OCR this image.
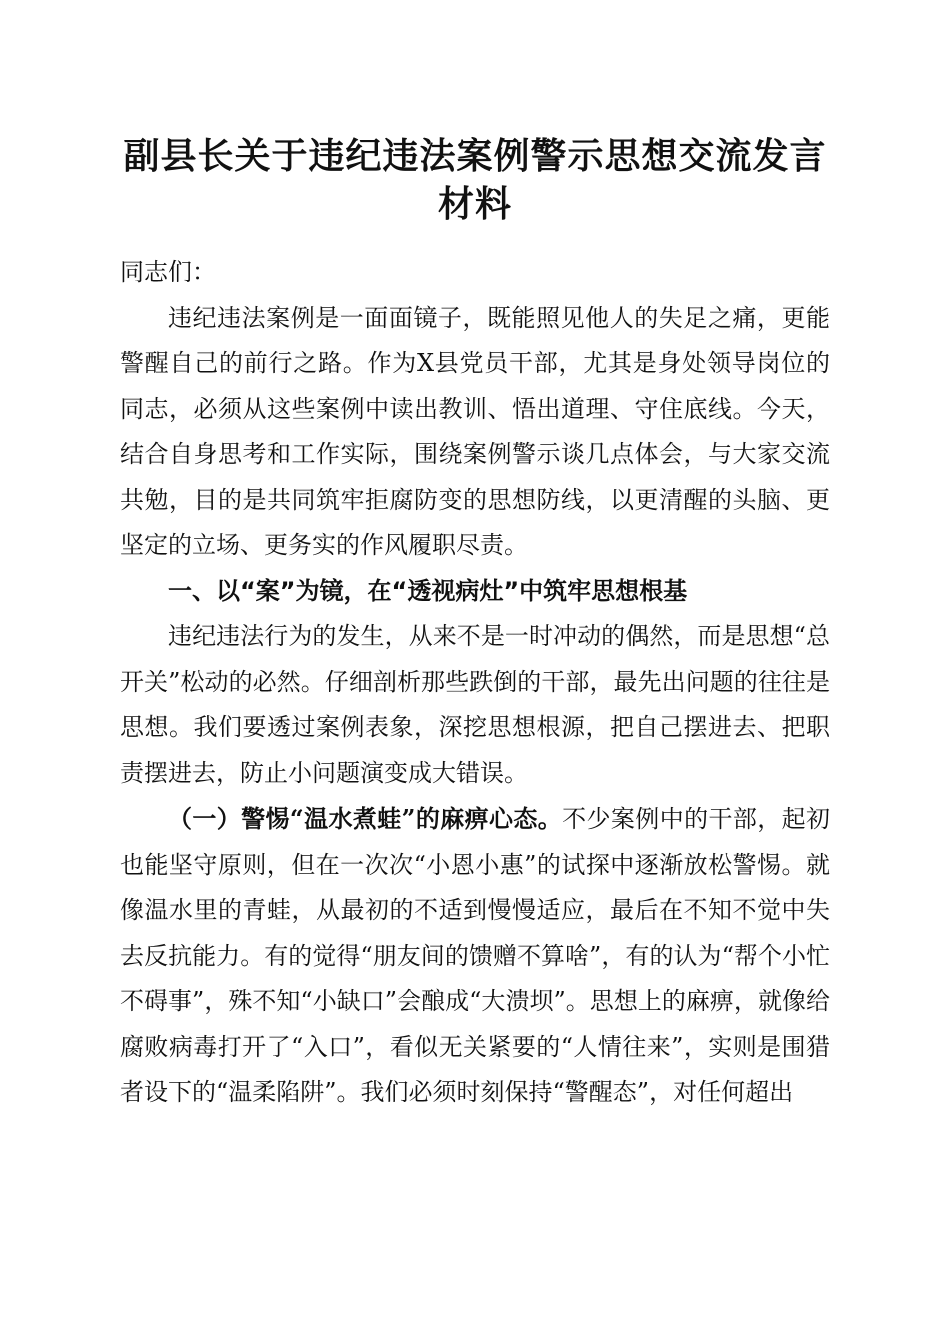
副县长关于违纪违法案例警示思想交流发言材料

同志们：

违纪违法案例是一面面镜子，既能照见他人的失足之痛，更能警醒自己的前行之路。作为X县党员干部，尤其是身处领导岗位的同志，必须从这些案例中读出教训、悟出道理、守住底线。今天，结合自身思考和工作实际，围绕案例警示谈几点体会，与大家交流共勉，目的是共同筑牢拒腐防变的思想防线，以更清醒的头脑、更坚定的立场、更务实的作风履职尽责。

一、以“案”为镜，在“透视病灶”中筑牢思想根基

违纪违法行为的发生，从来不是一时冲动的偶然，而是思想“总开关”松动的必然。仔细剖析那些跌倒的干部，最先出问题的往往是思想。我们要透过案例表象，深挖思想根源，把自己摆进去、把职责摆进去，防止小问题演变成大错误。

（一）警惕“温水煮蛙”的麻痹心态。不少案例中的干部，起初也能坚守原则，但在一次次“小恩小惠”的试探中逐渐放松警惕。就像温水里的青蛙，从最初的不适到慢慢适应，最后在不知不觉中失去反抗能力。有的觉得“朋友间的馈赠不算啥”，有的认为“帮个小忙不碍事”，殊不知“小缺口”会酿成“大溃坝”。思想上的麻痹，就像给腐败病毒打开了“入口”，看似无关紧要的“人情往来”，实则是围猎者设下的“温柔陷阱”。我们必须时刻保持“警醒态”，对任何超出
